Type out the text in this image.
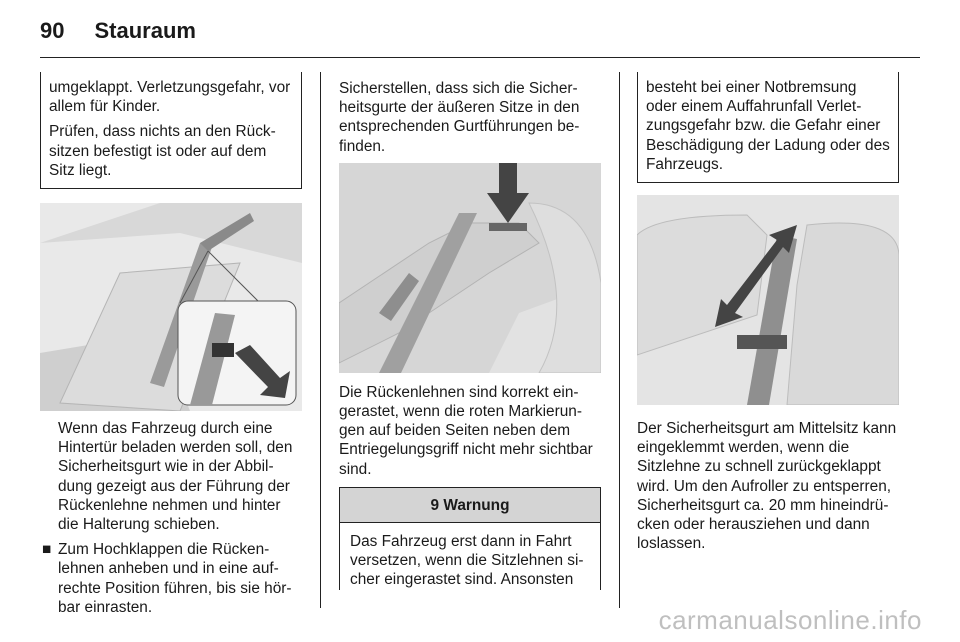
90 Stauraum

umgeklappt. Verletzungsgefahr, vor allem für Kinder.

Prüfen, dass nichts an den Rück-sitzen befestigt ist oder auf dem Sitz liegt.

Wenn das Fahrzeug durch eine Hintertür beladen werden soll, den Sicherheitsgurt wie in der Abbil-dung gezeigt aus der Führung der Rückenlehne nehmen und hinter die Halterung schieben.

■ Zum Hochklappen die Rücken-lehnen anheben und in eine auf-rechte Position führen, bis sie hör-bar einrasten.

Sicherstellen, dass sich die Sicher-heitsgurte der äußeren Sitze in den entsprechenden Gurtführungen be-finden.

Die Rückenlehnen sind korrekt ein-gerastet, wenn die roten Markierun-gen auf beiden Seiten neben dem Entriegelungsgriff nicht mehr sichtbar sind.

9 Warnung

Das Fahrzeug erst dann in Fahrt versetzen, wenn die Sitzlehnen si-cher eingerastet sind. Ansonsten

besteht bei einer Notbremsung oder einem Auffahrunfall Verlet-zungsgefahr bzw. die Gefahr einer Beschädigung der Ladung oder des Fahrzeugs.

Der Sicherheitsgurt am Mittelsitz kann eingeklemmt werden, wenn die Sitzlehne zu schnell zurückgeklappt wird. Um den Aufroller zu entsperren, Sicherheitsgurt ca. 20 mm hineindrü-cken oder herausziehen und dann loslassen.

carmanualsonline.info
